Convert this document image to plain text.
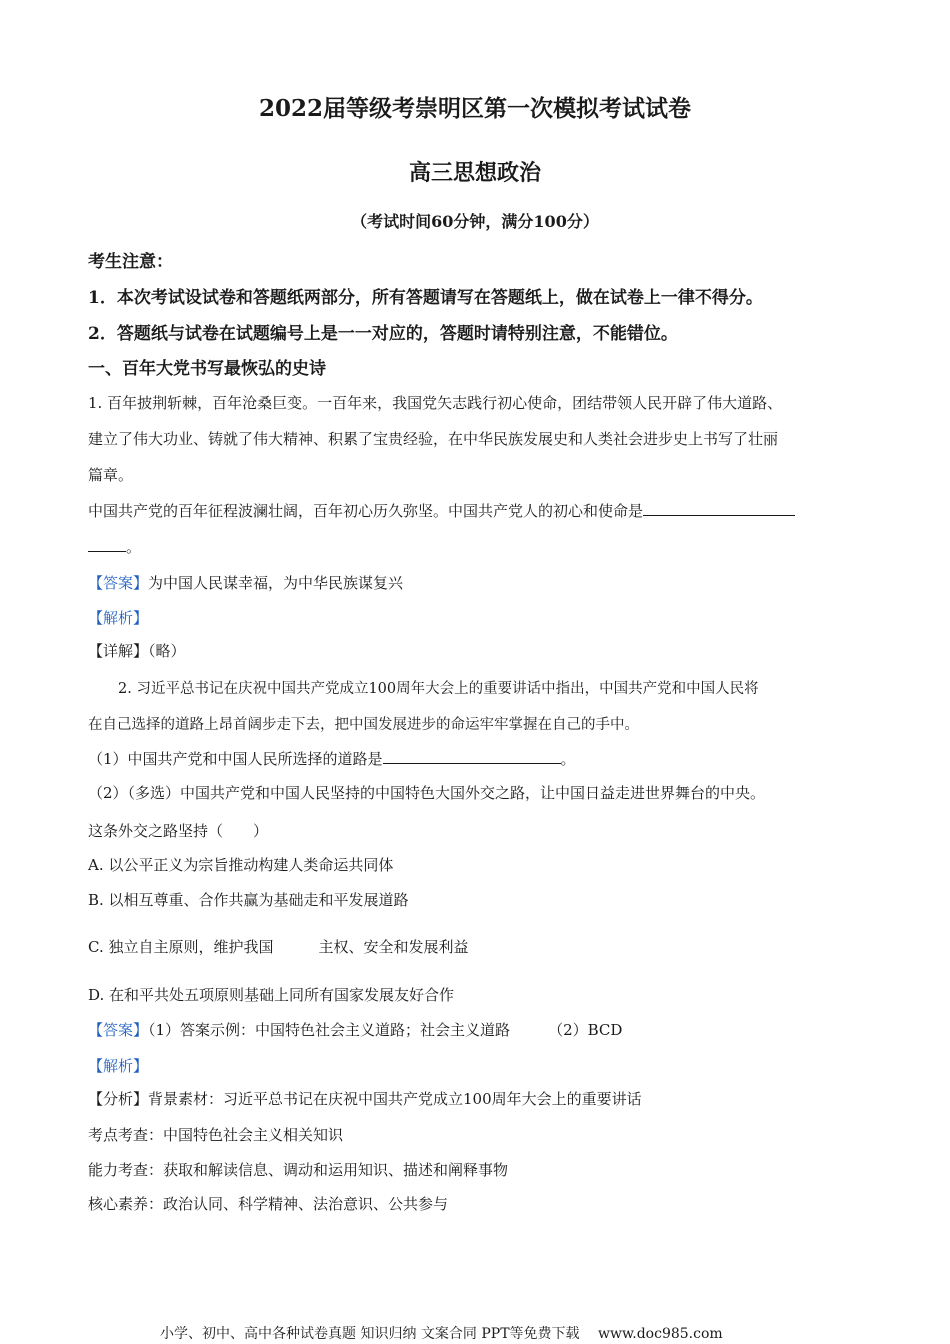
2022届等级考崇明区第一次模拟考试试卷
高三思想政治
（考试时间60分钟，满分100分）
考生注意：
1．本次考试设试卷和答题纸两部分，所有答题请写在答题纸上，做在试卷上一律不得分。
2．答题纸与试卷在试题编号上是一一对应的，答题时请特别注意，不能错位。
一、百年大党书写最恢弘的史诗
1. 百年披荆斩棘，百年沧桑巨变。一百年来，我国党矢志践行初心使命，团结带领人民开辟了伟大道路、
建立了伟大功业、铸就了伟大精神、积累了宝贵经验，在中华民族发展史和人类社会进步史上书写了壮丽
篇章。
中国共产党的百年征程波澜壮阔，百年初心历久弥坚。中国共产党人的初心和使命是
。
【答案】为中国人民谋幸福，为中华民族谋复兴
【解析】
【详解】（略）
2. 习近平总书记在庆祝中国共产党成立100周年大会上的重要讲话中指出，中国共产党和中国人民将
在自己选择的道路上昂首阔步走下去，把中国发展进步的命运牢牢掌握在自己的手中。
（1）中国共产党和中国人民所选择的道路是	。
（2）（多选）中国共产党和中国人民坚持的中国特色大国外交之路，让中国日益走进世界舞台的中央。
这条外交之路坚持（　　）
A. 以公平正义为宗旨推动构建人类命运共同体
B. 以相互尊重、合作共赢为基础走和平发展道路
C. 独立自主原则，维护我国　　　主权、安全和发展利益
D. 在和平共处五项原则基础上同所有国家发展友好合作
【答案】（1）答案示例：中国特色社会主义道路；社会主义道路	（2）BCD
【解析】
【分析】背景素材：习近平总书记在庆祝中国共产党成立100周年大会上的重要讲话
考点考查：中国特色社会主义相关知识
能力考查：获取和解读信息、调动和运用知识、描述和阐释事物
核心素养：政治认同、科学精神、法治意识、公共参与
小学、初中、高中各种试卷真题 知识归纳 文案合同 PPT等免费下载　 www.doc985.com
